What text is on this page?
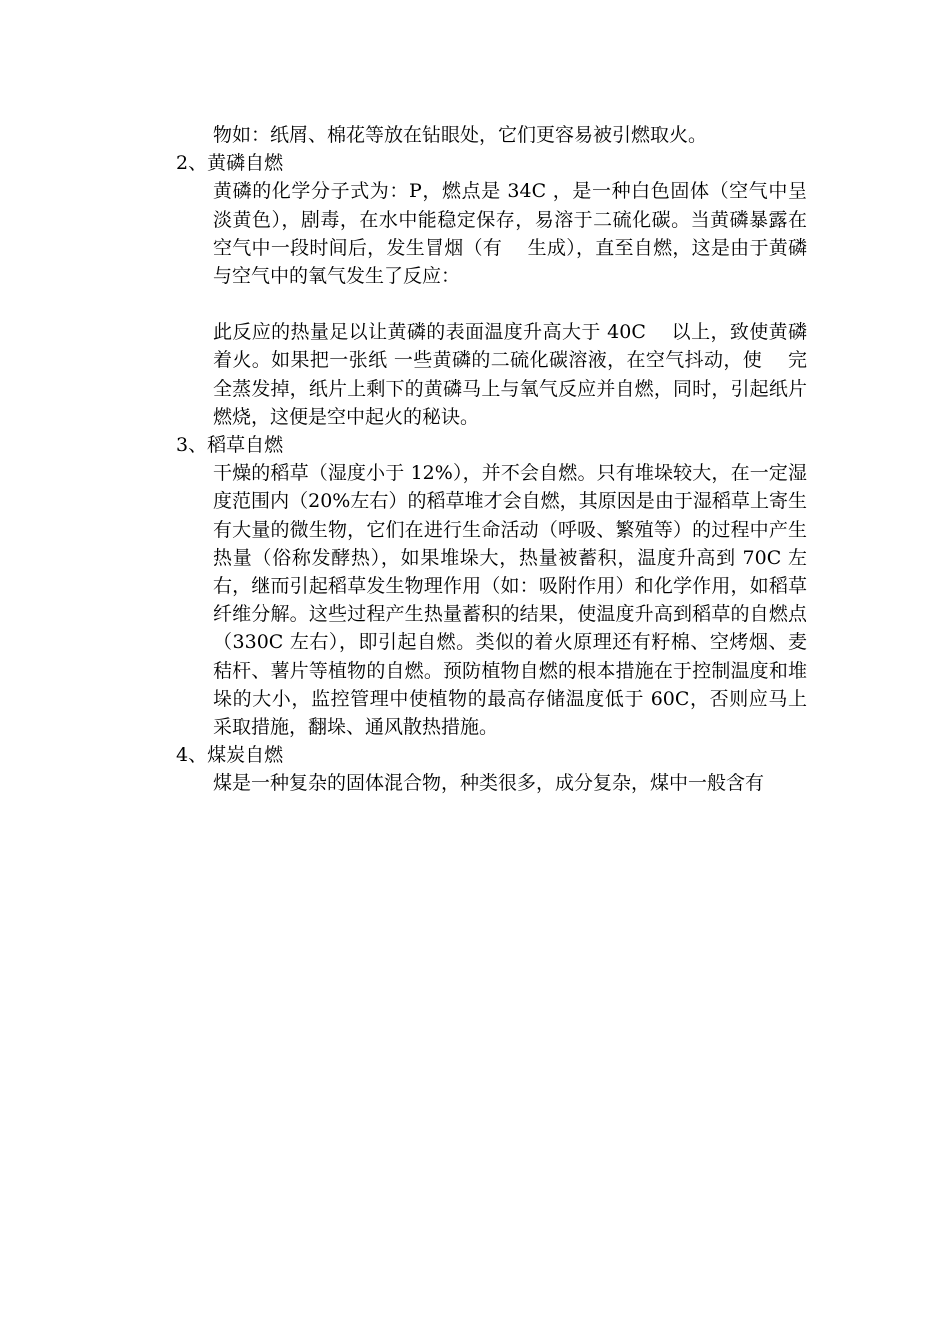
物如：纸屑、棉花等放在钻眼处，它们更容易被引燃取火。

2、黄磷自燃

黄磷的化学分子式为：P，燃点是 34C ，是一种白色固体（空气中呈淡黄色），剧毒，在水中能稳定保存，易溶于二硫化碳。当黄磷暴露在空气中一段时间后，发生冒烟（有 　生成），直至自燃，这是由于黄磷与空气中的氧气发生了反应：

此反应的热量足以让黄磷的表面温度升高大于 40C 　以上，致使黄磷着火。如果把一张纸 一些黄磷的二硫化碳溶液，在空气抖动，使 　完全蒸发掉，纸片上剩下的黄磷马上与氧气反应并自燃，同时，引起纸片燃烧，这便是空中起火的秘诀。

3、稻草自燃

干燥的稻草（湿度小于 12%），并不会自燃。只有堆垛较大，在一定湿度范围内（20%左右）的稻草堆才会自燃，其原因是由于湿稻草上寄生有大量的微生物，它们在进行生命活动（呼吸、繁殖等）的过程中产生热量（俗称发酵热），如果堆垛大，热量被蓄积，温度升高到 70C 左右，继而引起稻草发生物理作用（如：吸附作用）和化学作用，如稻草纤维分解。这些过程产生热量蓄积的结果，使温度升高到稻草的自燃点（330C 左右），即引起自燃。类似的着火原理还有籽棉、空烤烟、麦秸杆、薯片等植物的自燃。预防植物自燃的根本措施在于控制温度和堆垛的大小，监控管理中使植物的最高存储温度低于 60C，否则应马上采取措施，翻垛、通风散热措施。

4、煤炭自燃

煤是一种复杂的固体混合物，种类很多，成分复杂，煤中一般含有
